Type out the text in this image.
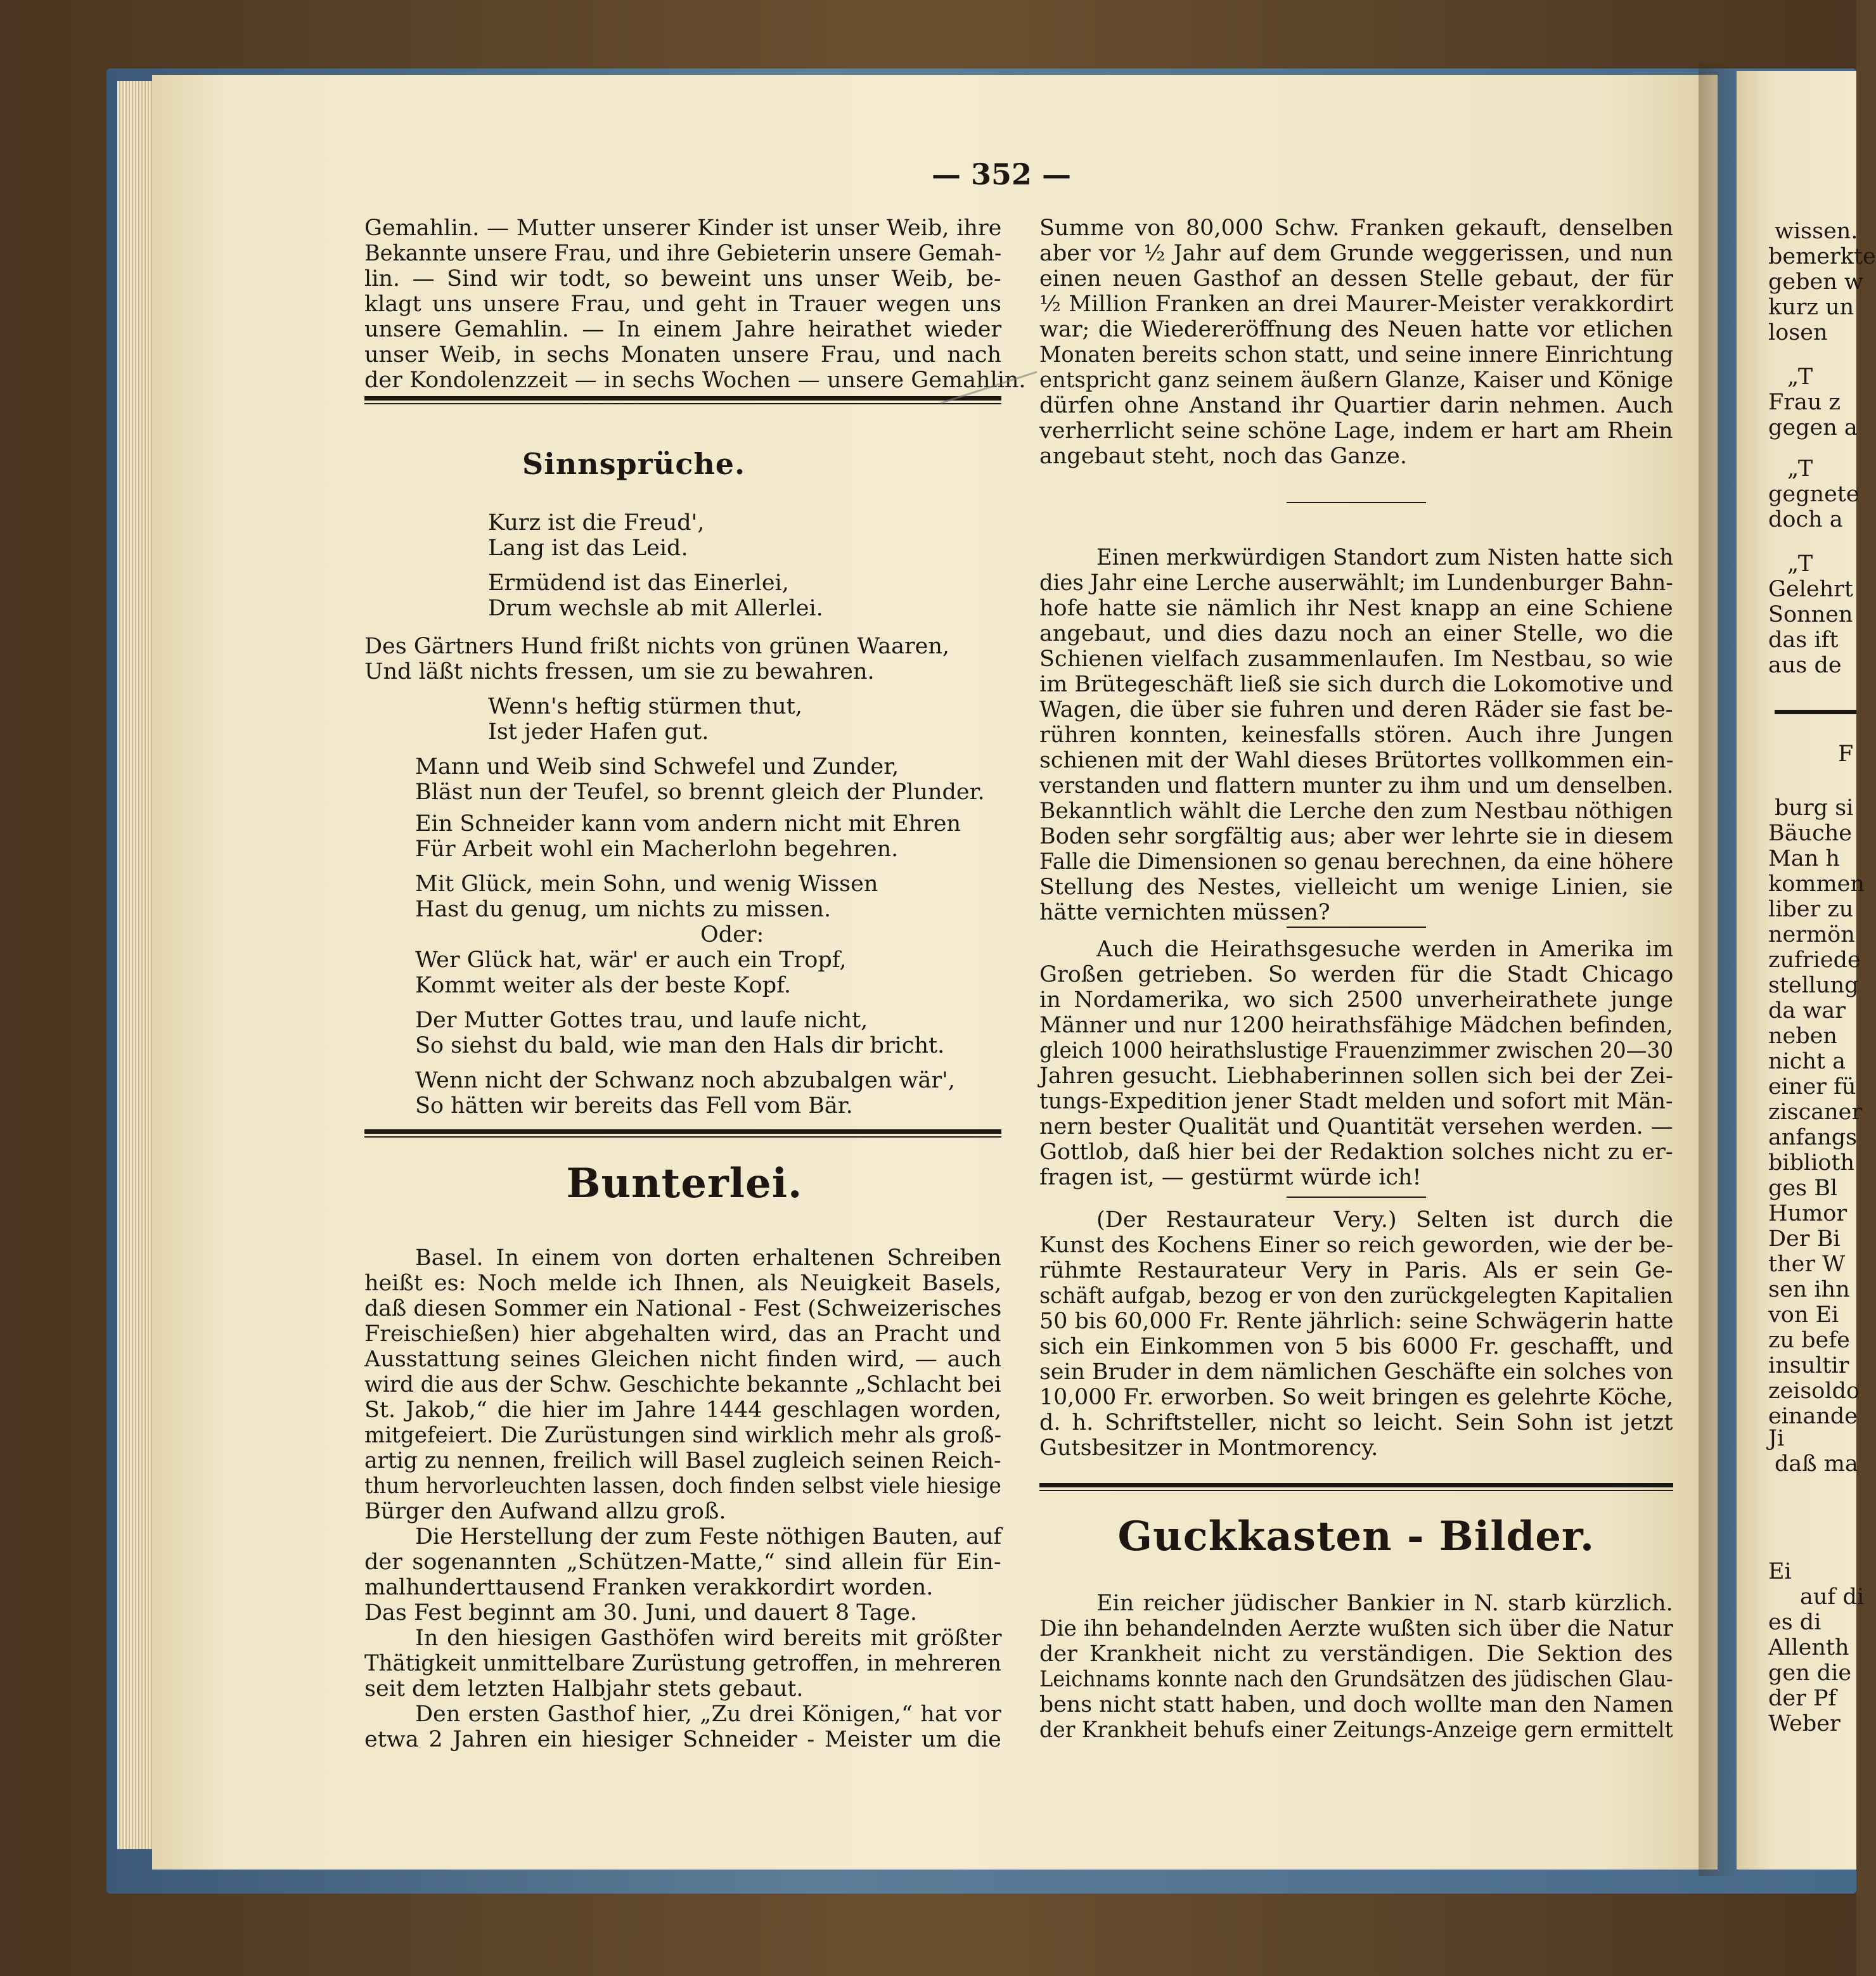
— 352 —
Gemahlin. — Mutter unserer Kinder ist unser Weib, ihre
Bekannte unsere Frau, und ihre Gebieterin unsere Gemah-
lin. — Sind wir todt, so beweint uns unser Weib, be-
klagt uns unsere Frau, und geht in Trauer wegen uns
unsere Gemahlin. — In einem Jahre heirathet wieder
unser Weib, in sechs Monaten unsere Frau, und nach
der Kondolenzzeit — in sechs Wochen — unsere Gemahlin.
Sinnsprüche.
Kurz ist die Freud',
Lang ist das Leid.
Ermüdend ist das Einerlei,
Drum wechsle ab mit Allerlei.
Des Gärtners Hund frißt nichts von grünen Waaren,
Und läßt nichts fressen, um sie zu bewahren.
Wenn's heftig stürmen thut,
Ist jeder Hafen gut.
Mann und Weib sind Schwefel und Zunder,
Bläst nun der Teufel, so brennt gleich der Plunder.
Ein Schneider kann vom andern nicht mit Ehren
Für Arbeit wohl ein Macherlohn begehren.
Mit Glück, mein Sohn, und wenig Wissen
Hast du genug, um nichts zu missen.
Oder:
Wer Glück hat, wär' er auch ein Tropf,
Kommt weiter als der beste Kopf.
Der Mutter Gottes trau, und laufe nicht,
So siehst du bald, wie man den Hals dir bricht.
Wenn nicht der Schwanz noch abzubalgen wär',
So hätten wir bereits das Fell vom Bär.
Bunterlei.
Basel. In einem von dorten erhaltenen Schreiben
heißt es: Noch melde ich Ihnen, als Neuigkeit Basels,
daß diesen Sommer ein National - Fest (Schweizerisches
Freischießen) hier abgehalten wird, das an Pracht und
Ausstattung seines Gleichen nicht finden wird, — auch
wird die aus der Schw. Geschichte bekannte „Schlacht bei
St. Jakob,“ die hier im Jahre 1444 geschlagen worden,
mitgefeiert. Die Zurüstungen sind wirklich mehr als groß-
artig zu nennen, freilich will Basel zugleich seinen Reich-
thum hervorleuchten lassen, doch finden selbst viele hiesige
Bürger den Aufwand allzu groß.
Die Herstellung der zum Feste nöthigen Bauten, auf
der sogenannten „Schützen-Matte,“ sind allein für Ein-
malhunderttausend Franken verakkordirt worden.
Das Fest beginnt am 30. Juni, und dauert 8 Tage.
In den hiesigen Gasthöfen wird bereits mit größter
Thätigkeit unmittelbare Zurüstung getroffen, in mehreren
seit dem letzten Halbjahr stets gebaut.
Den ersten Gasthof hier, „Zu drei Königen,“ hat vor
etwa 2 Jahren ein hiesiger Schneider - Meister um die
Summe von 80,000 Schw. Franken gekauft, denselben
aber vor ½ Jahr auf dem Grunde weggerissen, und nun
einen neuen Gasthof an dessen Stelle gebaut, der für
½ Million Franken an drei Maurer-Meister verakkordirt
war; die Wiedereröffnung des Neuen hatte vor etlichen
Monaten bereits schon statt, und seine innere Einrichtung
entspricht ganz seinem äußern Glanze, Kaiser und Könige
dürfen ohne Anstand ihr Quartier darin nehmen. Auch
verherrlicht seine schöne Lage, indem er hart am Rhein
angebaut steht, noch das Ganze.
Einen merkwürdigen Standort zum Nisten hatte sich
dies Jahr eine Lerche auserwählt; im Lundenburger Bahn-
hofe hatte sie nämlich ihr Nest knapp an eine Schiene
angebaut, und dies dazu noch an einer Stelle, wo die
Schienen vielfach zusammenlaufen. Im Nestbau, so wie
im Brütegeschäft ließ sie sich durch die Lokomotive und
Wagen, die über sie fuhren und deren Räder sie fast be-
rühren konnten, keinesfalls stören. Auch ihre Jungen
schienen mit der Wahl dieses Brütortes vollkommen ein-
verstanden und flattern munter zu ihm und um denselben.
Bekanntlich wählt die Lerche den zum Nestbau nöthigen
Boden sehr sorgfältig aus; aber wer lehrte sie in diesem
Falle die Dimensionen so genau berechnen, da eine höhere
Stellung des Nestes, vielleicht um wenige Linien, sie
hätte vernichten müssen?
Auch die Heirathsgesuche werden in Amerika im
Großen getrieben. So werden für die Stadt Chicago
in Nordamerika, wo sich 2500 unverheirathete junge
Männer und nur 1200 heirathsfähige Mädchen befinden,
gleich 1000 heirathslustige Frauenzimmer zwischen 20—30
Jahren gesucht. Liebhaberinnen sollen sich bei der Zei-
tungs-Expedition jener Stadt melden und sofort mit Män-
nern bester Qualität und Quantität versehen werden. —
Gottlob, daß hier bei der Redaktion solches nicht zu er-
fragen ist, — gestürmt würde ich!
(Der Restaurateur Very.) Selten ist durch die
Kunst des Kochens Einer so reich geworden, wie der be-
rühmte Restaurateur Very in Paris. Als er sein Ge-
schäft aufgab, bezog er von den zurückgelegten Kapitalien
50 bis 60,000 Fr. Rente jährlich: seine Schwägerin hatte
sich ein Einkommen von 5 bis 6000 Fr. geschafft, und
sein Bruder in dem nämlichen Geschäfte ein solches von
10,000 Fr. erworben. So weit bringen es gelehrte Köche,
d. h. Schriftsteller, nicht so leicht. Sein Sohn ist jetzt
Gutsbesitzer in Montmorency.
Guckkasten - Bilder.
Ein reicher jüdischer Bankier in N. starb kürzlich.
Die ihn behandelnden Aerzte wußten sich über die Natur
der Krankheit nicht zu verständigen. Die Sektion des
Leichnams konnte nach den Grundsätzen des jüdischen Glau-
bens nicht statt haben, und doch wollte man den Namen
der Krankheit behufs einer Zeitungs-Anzeige gern ermittelt
wissen.
bemerkte
geben w
kurz un
losen
„T
Frau z
gegen a
„T
gegnete
doch a
„T
Gelehrt
Sonnen
das ift
aus de
F
burg si
Bäuche
Man h
kommen
liber zu
nermön
zufriede
stellung
da war
neben
nicht a
einer fü
ziscaner
anfangs
biblioth
ges Bl
Humor
Der Bi
ther W
sen ihn
von Ei
zu befe
insultir
zeisoldo
einande
Ji
daß ma
Ei
auf di
es di
Allenth
gen die
der Pf
Weber
